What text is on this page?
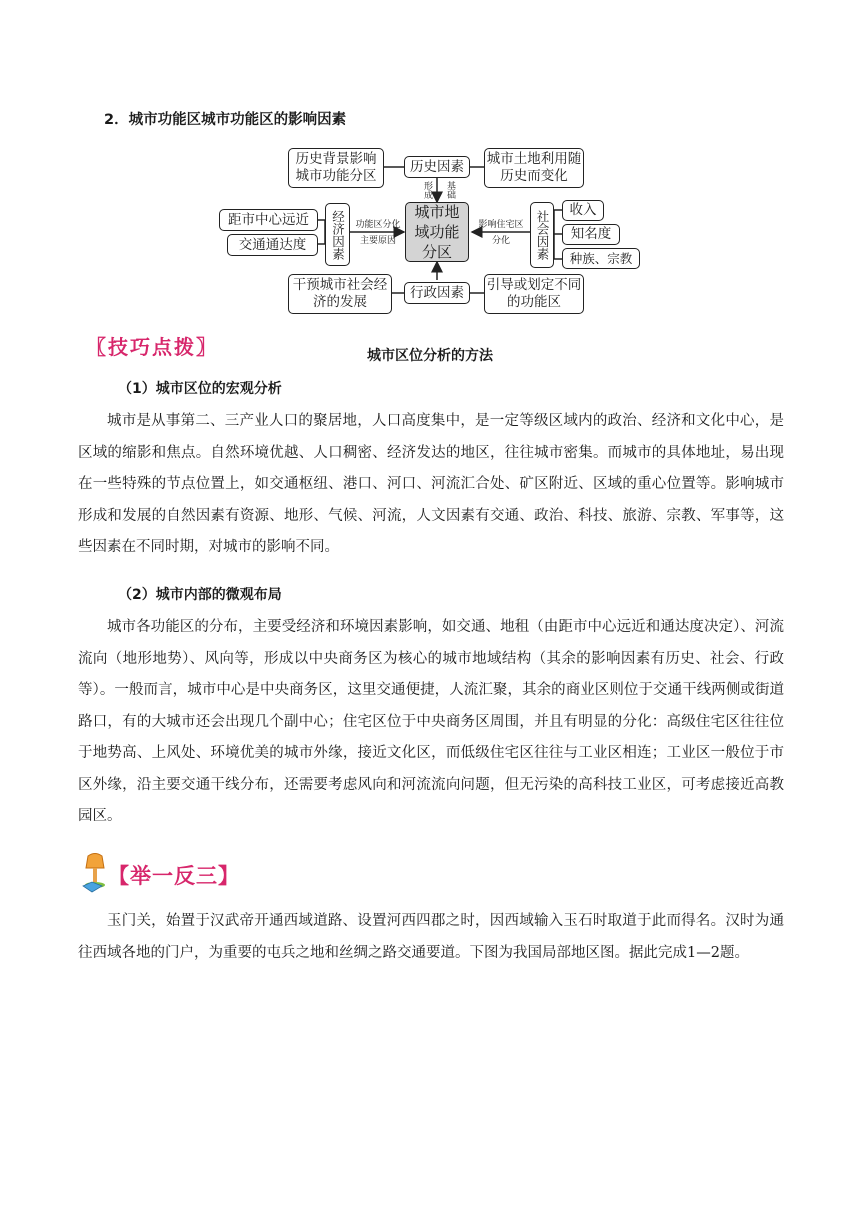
2．城市功能区城市功能区的影响因素
历史背景影响城市功能分区
历史因素	城市土地利用随历史而变化
形成 基础
距市中心远近
交通通达度	经济因素	功能区分化
主要原因
城市地域功能分区
影响住宅区
分化	社会因素	收入
知名度
种族、宗教
干预城市社会经济的发展
行政因素	引导或划定不同的功能区
〖技巧点拨〗	城市区位分析的方法
（1）城市区位的宏观分析

城市是从事第二、三产业人口的聚居地，人口高度集中，是一定等级区域内的政治、经济和文化中心，是区域的缩影和焦点。自然环境优越、人口稠密、经济发达的地区，往往城市密集。而城市的具体地址，易出现在一些特殊的节点位置上，如交通枢纽、港口、河口、河流汇合处、矿区附近、区域的重心位置等。影响城市形成和发展的自然因素有资源、地形、气候、河流，人文因素有交通、政治、科技、旅游、宗教、军事等，这些因素在不同时期，对城市的影响不同。

（2）城市内部的微观布局

城市各功能区的分布，主要受经济和环境因素影响，如交通、地租（由距市中心远近和通达度决定）、河流流向（地形地势）、风向等，形成以中央商务区为核心的城市地域结构（其余的影响因素有历史、社会、行政等）。一般而言，城市中心是中央商务区，这里交通便捷，人流汇聚，其余的商业区则位于交通干线两侧或街道路口，有的大城市还会出现几个副中心；住宅区位于中央商务区周围，并且有明显的分化：高级住宅区往往位于地势高、上风处、环境优美的城市外缘，接近文化区，而低级住宅区往往与工业区相连；工业区一般位于市区外缘，沿主要交通干线分布，还需要考虑风向和河流流向问题，但无污染的高科技工业区，可考虑接近高教园区。

【举一反三】

玉门关，始置于汉武帝开通西域道路、设置河西四郡之时，因西域输入玉石时取道于此而得名。汉时为通往西域各地的门户，为重要的屯兵之地和丝绸之路交通要道。下图为我国局部地区图。据此完成1—2题。
